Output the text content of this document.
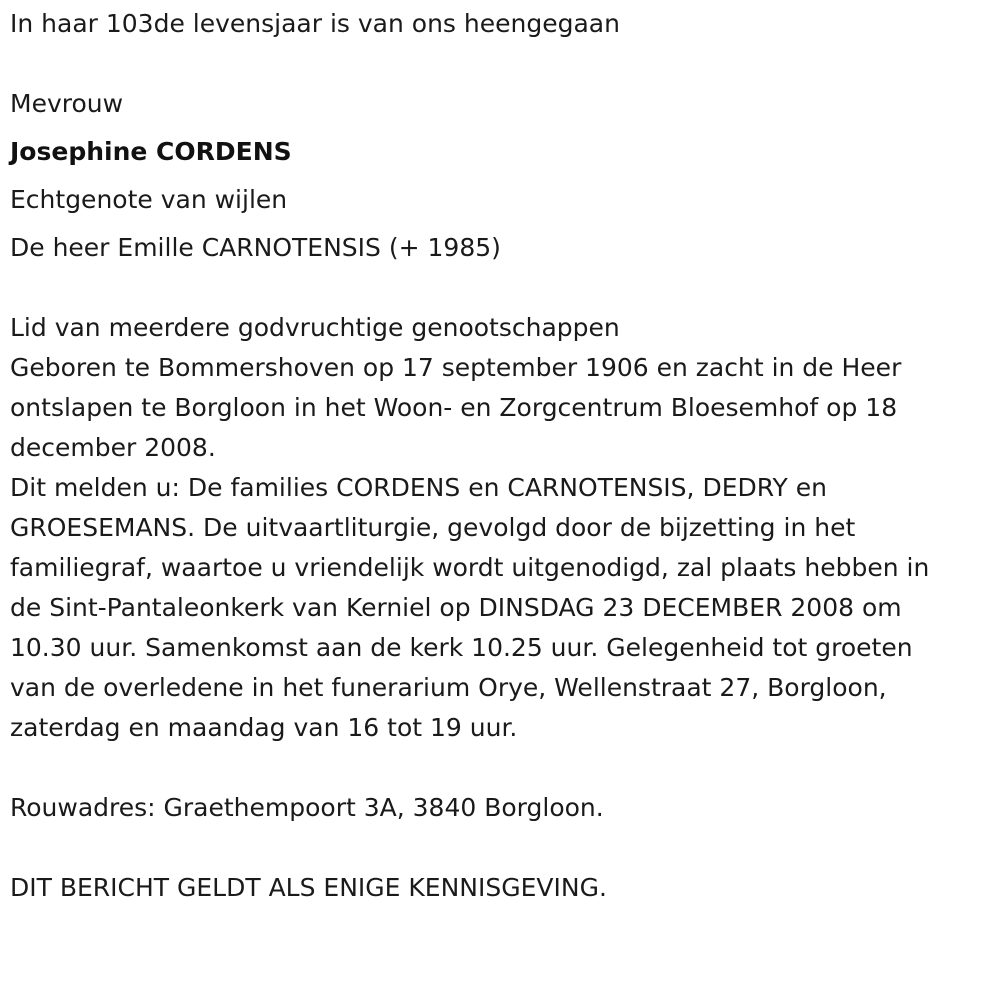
In haar 103de levensjaar is van ons heengegaan
Mevrouw
Josephine CORDENS
Echtgenote van wijlen
De heer Emille CARNOTENSIS (+ 1985)
Lid van meerdere godvruchtige genootschappen
Geboren te Bommershoven op 17 september 1906 en zacht in de Heer
ontslapen te Borgloon in het Woon- en Zorgcentrum Bloesemhof op 18
december 2008.
Dit melden u: De families CORDENS en CARNOTENSIS, DEDRY en
GROESEMANS. De uitvaartliturgie, gevolgd door de bijzetting in het
familiegraf, waartoe u vriendelijk wordt uitgenodigd, zal plaats hebben in
de Sint-Pantaleonkerk van Kerniel op DINSDAG 23 DECEMBER 2008 om
10.30 uur. Samenkomst aan de kerk 10.25 uur. Gelegenheid tot groeten
van de overledene in het funerarium Orye, Wellenstraat 27, Borgloon,
zaterdag en maandag van 16 tot 19 uur.
Rouwadres: Graethempoort 3A, 3840 Borgloon.
DIT BERICHT GELDT ALS ENIGE KENNISGEVING.
